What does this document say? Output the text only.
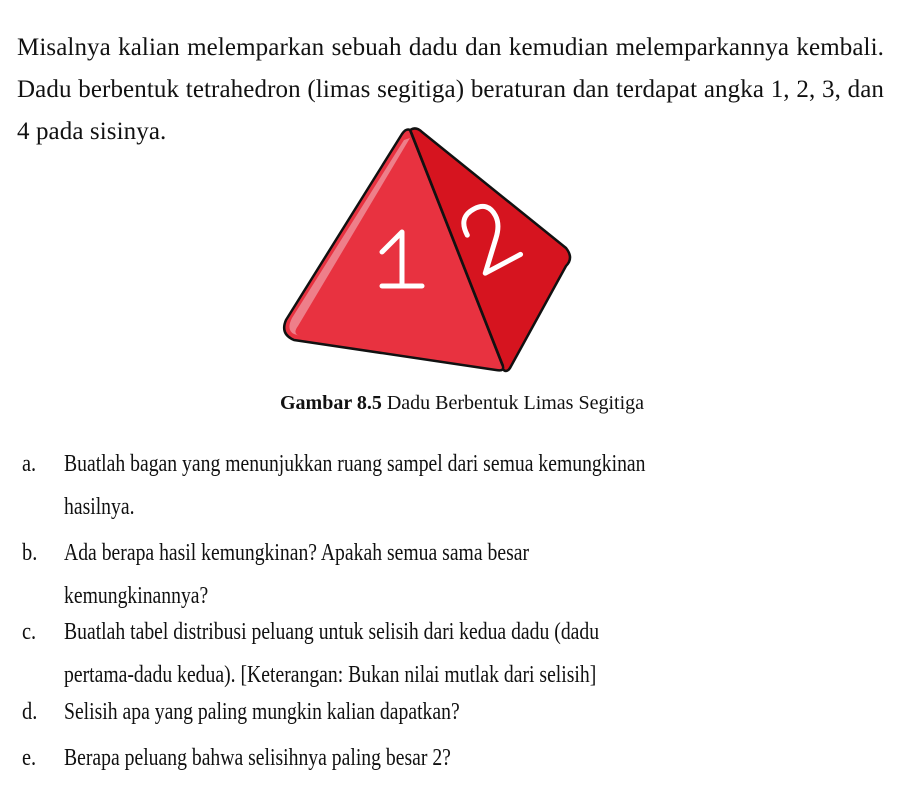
Misalnya kalian melemparkan sebuah dadu dan kemudian melemparkannya kembali. Dadu berbentuk tetrahedron (limas segitiga) beraturan dan terdapat angka 1, 2, 3, dan 4 pada sisinya.

Gambar 8.5 Dadu Berbentuk Limas Segitiga
a. Buatlah bagan yang menunjukkan ruang sampel dari semua kemungkinan
hasilnya.
b. Ada berapa hasil kemungkinan? Apakah semua sama besar
kemungkinannya?
c. Buatlah tabel distribusi peluang untuk selisih dari kedua dadu (dadu
pertama-dadu kedua). [Keterangan: Bukan nilai mutlak dari selisih]
d. Selisih apa yang paling mungkin kalian dapatkan?
e. Berapa peluang bahwa selisihnya paling besar 2?
